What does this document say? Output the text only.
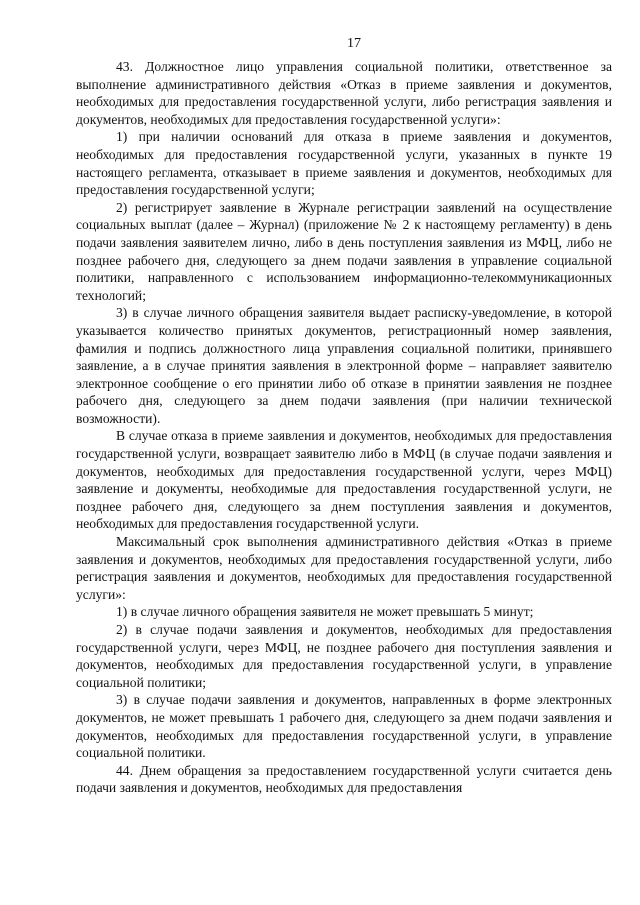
17

43. Должностное лицо управления социальной политики, ответственное за выполнение административного действия «Отказ в приеме заявления и документов, необходимых для предоставления государственной услуги, либо регистрация заявления и документов, необходимых для предоставления государственной услуги»:

1) при наличии оснований для отказа в приеме заявления и документов, необходимых для предоставления государственной услуги, указанных в пункте 19 настоящего регламента, отказывает в приеме заявления и документов, необходимых для предоставления государственной услуги;

2) регистрирует заявление в Журнале регистрации заявлений на осуществление социальных выплат (далее – Журнал) (приложение № 2 к настоящему регламенту) в день подачи заявления заявителем лично, либо в день поступления заявления из МФЦ, либо не позднее рабочего дня, следующего за днем подачи заявления в управление социальной политики, направленного с использованием информационно-телекоммуникационных технологий;

3) в случае личного обращения заявителя выдает расписку-уведомление, в которой указывается количество принятых документов, регистрационный номер заявления, фамилия и подпись должностного лица управления социальной политики, принявшего заявление, а в случае принятия заявления в электронной форме – направляет заявителю электронное сообщение о его принятии либо об отказе в принятии заявления не позднее рабочего дня, следующего за днем подачи заявления (при наличии технической возможности).

В случае отказа в приеме заявления и документов, необходимых для предоставления государственной услуги, возвращает заявителю либо в МФЦ (в случае подачи заявления и документов, необходимых для предоставления государственной услуги, через МФЦ) заявление и документы, необходимые для предоставления государственной услуги, не позднее рабочего дня, следующего за днем поступления заявления и документов, необходимых для предоставления государственной услуги.

Максимальный срок выполнения административного действия «Отказ в приеме заявления и документов, необходимых для предоставления государственной услуги, либо регистрация заявления и документов, необходимых для предоставления государственной услуги»:

1) в случае личного обращения заявителя не может превышать 5 минут;

2) в случае подачи заявления и документов, необходимых для предоставления государственной услуги, через МФЦ, не позднее рабочего дня поступления заявления и документов, необходимых для предоставления государственной услуги, в управление социальной политики;

3) в случае подачи заявления и документов, направленных в форме электронных документов, не может превышать 1 рабочего дня, следующего за днем подачи заявления и документов, необходимых для предоставления государственной услуги, в управление социальной политики.

44. Днем обращения за предоставлением государственной услуги считается день подачи заявления и документов, необходимых для предоставления
